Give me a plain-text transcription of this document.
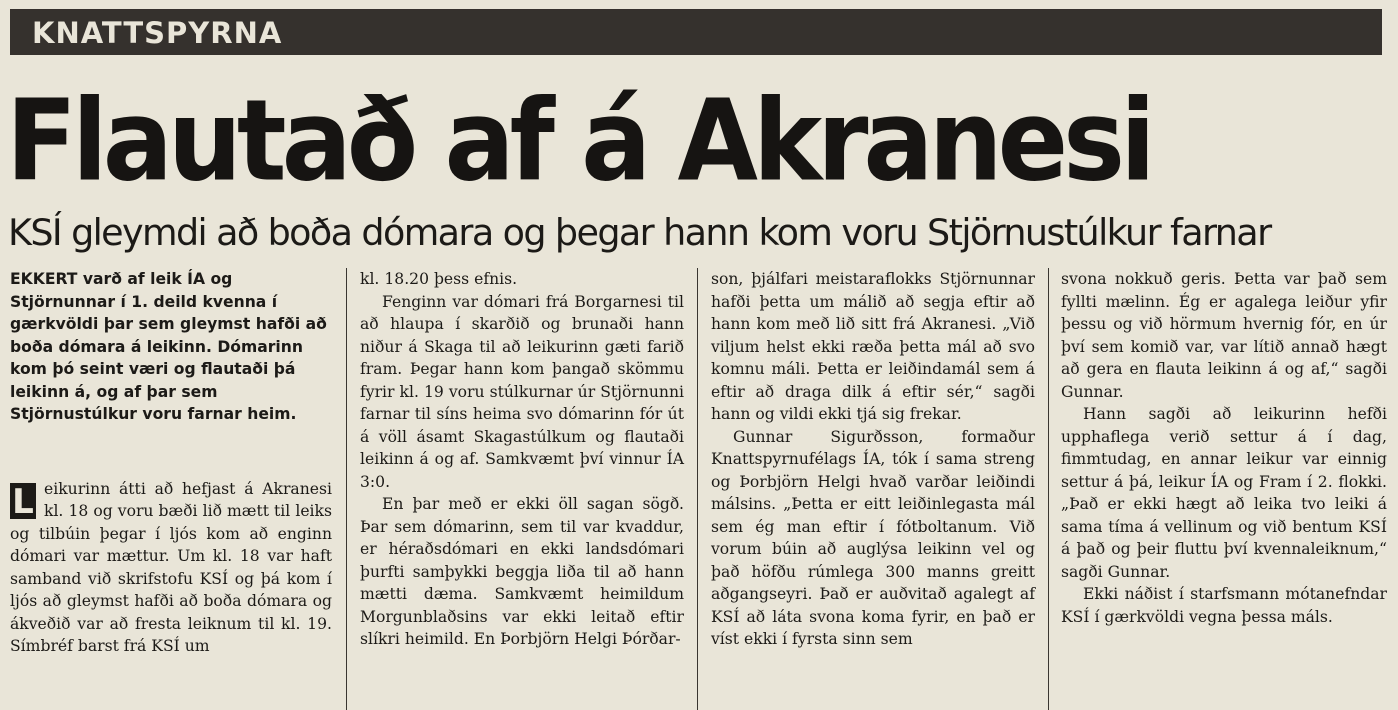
KNATTSPYRNA
Flautað af á Akranesi
KSÍ gleymdi að boða dómara og þegar hann kom voru Stjörnustúlkur farnar

EKKERT varð af leik ÍA og Stjörnunnar í 1. deild kvenna í gærkvöldi þar sem gleymst hafði að boða dómara á leikinn. Dómarinn kom þó seint væri og flautaði þá leikinn á, og af þar sem Stjörnustúlkur voru farnar heim.

L eikurinn átti að hefjast á Akranesi kl. 18 og voru bæði lið mætt til leiks og tilbúin þegar í ljós kom að enginn dómari var mættur. Um kl. 18 var haft samband við skrifstofu KSÍ og þá kom í ljós að gleymst hafði að boða dómara og ákveðið var að fresta leiknum til kl. 19. Símbréf barst frá KSÍ um

kl. 18.20 þess efnis.

Fenginn var dómari frá Borgarnesi til að hlaupa í skarðið og brunaði hann niður á Skaga til að leikurinn gæti farið fram. Þegar hann kom þangað skömmu fyrir kl. 19 voru stúlkurnar úr Stjörnunni farnar til síns heima svo dómarinn fór út á völl ásamt Skagastúlkum og flautaði leikinn á og af. Samkvæmt því vinnur ÍA 3:0.

En þar með er ekki öll sagan sögð. Þar sem dómarinn, sem til var kvaddur, er héraðsdómari en ekki landsdómari þurfti samþykki beggja liða til að hann mætti dæma. Samkvæmt heimildum Morgunblaðsins var ekki leitað eftir slíkri heimild. En Þorbjörn Helgi Þórðar-

son, þjálfari meistaraflokks Stjörnunnar hafði þetta um málið að segja eftir að hann kom með lið sitt frá Akranesi. „Við viljum helst ekki ræða þetta mál að svo komnu máli. Þetta er leiðindamál sem á eftir að draga dilk á eftir sér,“ sagði hann og vildi ekki tjá sig frekar.

Gunnar Sigurðsson, formaður Knattspyrnufélags ÍA, tók í sama streng og Þorbjörn Helgi hvað varðar leiðindi málsins. „Þetta er eitt leiðinlegasta mál sem ég man eftir í fótboltanum. Við vorum búin að auglýsa leikinn vel og það höfðu rúmlega 300 manns greitt aðgangseyri. Það er auðvitað agalegt af KSÍ að láta svona koma fyrir, en það er víst ekki í fyrsta sinn sem

svona nokkuð geris. Þetta var það sem fyllti mælinn. Ég er agalega leiður yfir þessu og við hörmum hvernig fór, en úr því sem komið var, var lítið annað hægt að gera en flauta leikinn á og af,“ sagði Gunnar.

Hann sagði að leikurinn hefði upphaflega verið settur á í dag, fimmtudag, en annar leikur var einnig settur á þá, leikur ÍA og Fram í 2. flokki. „Það er ekki hægt að leika tvo leiki á sama tíma á vellinum og við bentum KSÍ á það og þeir fluttu því kvennaleiknum,“ sagði Gunnar.

Ekki náðist í starfsmann mótanefndar KSÍ í gærkvöldi vegna þessa máls.
